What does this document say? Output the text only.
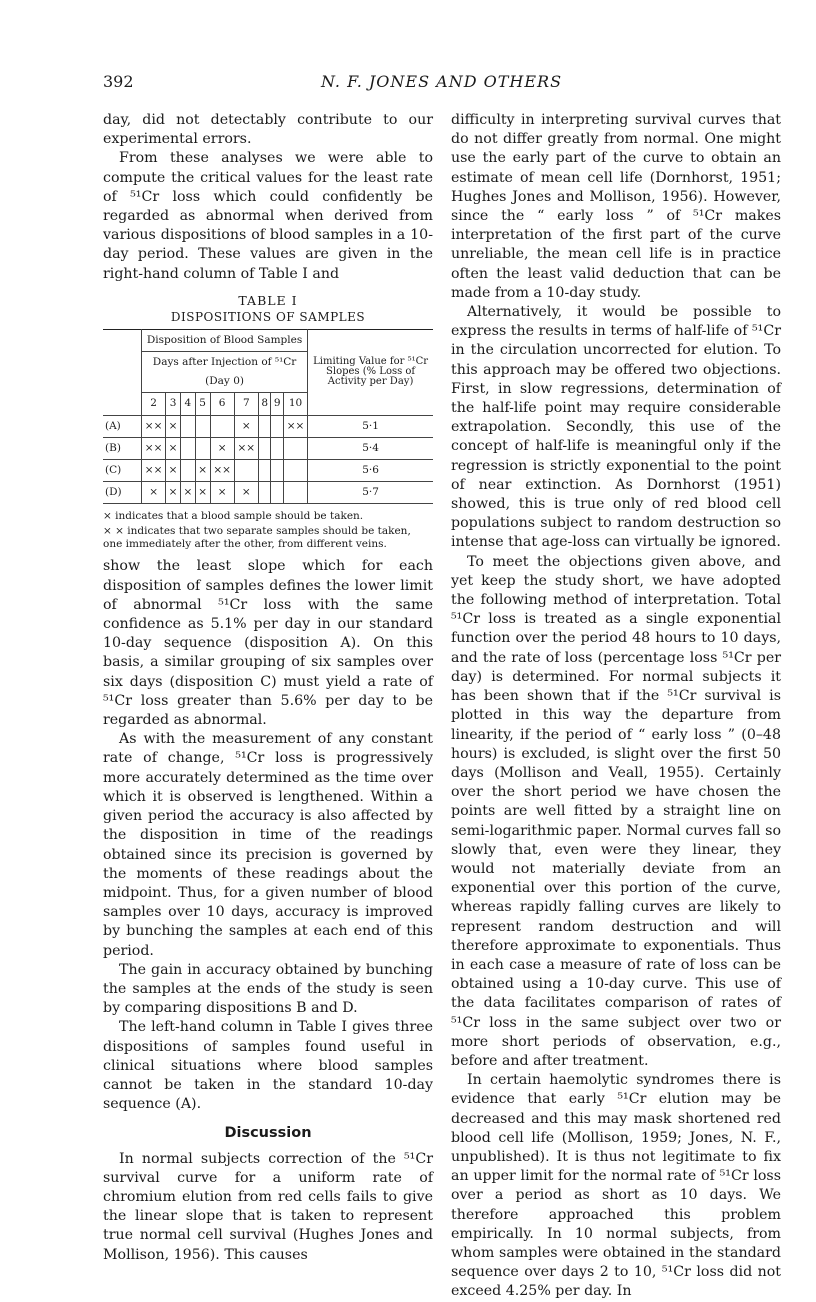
392	N. F. JONES AND OTHERS

day, did not detectably contribute to our experimental errors.

From these analyses we were able to compute the critical values for the least rate of ⁵¹Cr loss which could confidently be regarded as abnormal when derived from various dispositions of blood samples in a 10-day period. These values are given in the right-hand column of Table I and

TABLE I
DISPOSITIONS OF SAMPLES
	Disposition of Blood Samples									Limiting Value for ⁵¹Cr Slopes (% Loss of Activity per Day)
	Days after Injection of ⁵¹Cr (Day 0)									
	2	3	4	5	6	7	8	9	10	
(A)	××	×				×			××	5·1
(B)	××	×			×	××				5·4
(C)	××	×		×	××					5·6
(D)	×	×	×	×	×	×				5·7

× indicates that a blood sample should be taken.

× × indicates that two separate samples should be taken, one immediately after the other, from different veins.

show the least slope which for each disposition of samples defines the lower limit of abnormal ⁵¹Cr loss with the same confidence as 5.1% per day in our standard 10-day sequence (disposition A). On this basis, a similar grouping of six samples over six days (disposition C) must yield a rate of ⁵¹Cr loss greater than 5.6% per day to be regarded as abnormal.

As with the measurement of any constant rate of change, ⁵¹Cr loss is progressively more accurately determined as the time over which it is observed is lengthened. Within a given period the accuracy is also affected by the disposition in time of the readings obtained since its precision is governed by the moments of these readings about the midpoint. Thus, for a given number of blood samples over 10 days, accuracy is improved by bunching the samples at each end of this period.

The gain in accuracy obtained by bunching the samples at the ends of the study is seen by comparing dispositions B and D.

The left-hand column in Table I gives three dispositions of samples found useful in clinical situations where blood samples cannot be taken in the standard 10-day sequence (A).

Discussion

In normal subjects correction of the ⁵¹Cr survival curve for a uniform rate of chromium elution from red cells fails to give the linear slope that is taken to represent true normal cell survival (Hughes Jones and Mollison, 1956). This causes

difficulty in interpreting survival curves that do not differ greatly from normal. One might use the early part of the curve to obtain an estimate of mean cell life (Dornhorst, 1951; Hughes Jones and Mollison, 1956). However, since the “ early loss ” of ⁵¹Cr makes interpretation of the first part of the curve unreliable, the mean cell life is in practice often the least valid deduction that can be made from a 10-day study.

Alternatively, it would be possible to express the results in terms of half-life of ⁵¹Cr in the circulation uncorrected for elution. To this approach may be offered two objections. First, in slow regressions, determination of the half-life point may require considerable extrapolation. Secondly, this use of the concept of half-life is meaningful only if the regression is strictly exponential to the point of near extinction. As Dornhorst (1951) showed, this is true only of red blood cell populations subject to random destruction so intense that age-loss can virtually be ignored.

To meet the objections given above, and yet keep the study short, we have adopted the following method of interpretation. Total ⁵¹Cr loss is treated as a single exponential function over the period 48 hours to 10 days, and the rate of loss (percentage loss ⁵¹Cr per day) is determined. For normal subjects it has been shown that if the ⁵¹Cr survival is plotted in this way the departure from linearity, if the period of “ early loss ” (0–48 hours) is excluded, is slight over the first 50 days (Mollison and Veall, 1955). Certainly over the short period we have chosen the points are well fitted by a straight line on semi-logarithmic paper. Normal curves fall so slowly that, even were they linear, they would not materially deviate from an exponential over this portion of the curve, whereas rapidly falling curves are likely to represent random destruction and will therefore approximate to exponentials. Thus in each case a measure of rate of loss can be obtained using a 10-day curve. This use of the data facilitates comparison of rates of ⁵¹Cr loss in the same subject over two or more short periods of observation, e.g., before and after treatment.

In certain haemolytic syndromes there is evidence that early ⁵¹Cr elution may be decreased and this may mask shortened red blood cell life (Mollison, 1959; Jones, N. F., unpublished). It is thus not legitimate to fix an upper limit for the normal rate of ⁵¹Cr loss over a period as short as 10 days. We therefore approached this problem empirically. In 10 normal subjects, from whom samples were obtained in the standard sequence over days 2 to 10, ⁵¹Cr loss did not exceed 4.25% per day. In
